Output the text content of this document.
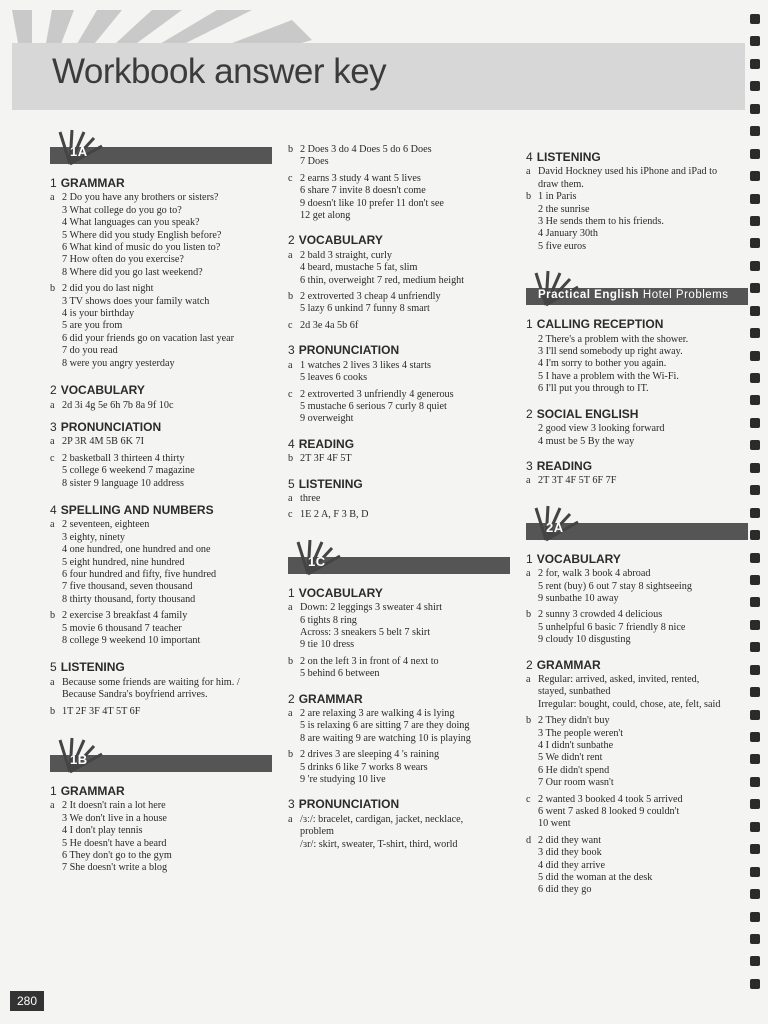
Workbook answer key
1A
1 GRAMMAR
a 2 Do you have any brothers or sisters?
3 What college do you go to?
4 What languages can you speak?
5 Where did you study English before?
6 What kind of music do you listen to?
7 How often do you exercise?
8 Where did you go last weekend?
b 2 did you do last night
3 TV shows does your family watch
4 is your birthday
5 are you from
6 did your friends go on vacation last year
7 do you read
8 were you angry yesterday
2 VOCABULARY
a 2d 3i 4g 5e 6h 7b 8a 9f 10c
3 PRONUNCIATION
a 2P 3R 4M 5B 6K 7I
c 2 basketball 3 thirteen 4 thirty
5 college 6 weekend 7 magazine
8 sister 9 language 10 address
4 SPELLING AND NUMBERS
a 2 seventeen, eighteen
3 eighty, ninety
4 one hundred, one hundred and one
5 eight hundred, nine hundred
6 four hundred and fifty, five hundred
7 five thousand, seven thousand
8 thirty thousand, forty thousand
b 2 exercise 3 breakfast 4 family
5 movie 6 thousand 7 teacher
8 college 9 weekend 10 important
5 LISTENING
a Because some friends are waiting for him. /
Because Sandra's boyfriend arrives.
b 1T 2F 3F 4T 5T 6F
1B
1 GRAMMAR
a 2 It doesn't rain a lot here
3 We don't live in a house
4 I don't play tennis
5 He doesn't have a beard
6 They don't go to the gym
7 She doesn't write a blog
b 2 Does 3 do 4 Does 5 do 6 Does
7 Does
c 2 earns 3 study 4 want 5 lives
6 share 7 invite 8 doesn't come
9 doesn't like 10 prefer 11 don't see
12 get along
2 VOCABULARY
a 2 bald 3 straight, curly
4 beard, mustache 5 fat, slim
6 thin, overweight 7 red, medium height
b 2 extroverted 3 cheap 4 unfriendly
5 lazy 6 unkind 7 funny 8 smart
c 2d 3e 4a 5b 6f
3 PRONUNCIATION
a 1 watches 2 lives 3 likes 4 starts
5 leaves 6 cooks
c 2 extroverted 3 unfriendly 4 generous
5 mustache 6 serious 7 curly 8 quiet
9 overweight
4 READING
b 2T 3F 4F 5T
5 LISTENING
a three
c 1E 2 A, F 3 B, D
1C
1 VOCABULARY
a Down: 2 leggings 3 sweater 4 shirt
6 tights 8 ring
Across: 3 sneakers 5 belt 7 skirt
9 tie 10 dress
b 2 on the left 3 in front of 4 next to
5 behind 6 between
2 GRAMMAR
a 2 are relaxing 3 are walking 4 is lying
5 is relaxing 6 are sitting 7 are they doing
8 are waiting 9 are watching 10 is playing
b 2 drives 3 are sleeping 4 's raining
5 drinks 6 like 7 works 8 wears
9 're studying 10 live
3 PRONUNCIATION
a /ɜː/: bracelet, cardigan, jacket, necklace,
problem
/ɜr/: skirt, sweater, T-shirt, third, world
4 LISTENING
a David Hockney used his iPhone and iPad to
draw them.
b 1 in Paris
2 the sunrise
3 He sends them to his friends.
4 January 30th
5 five euros
Practical English Hotel Problems
1 CALLING RECEPTION
2 There's a problem with the shower.
3 I'll send somebody up right away.
4 I'm sorry to bother you again.
5 I have a problem with the Wi-Fi.
6 I'll put you through to IT.
2 SOCIAL ENGLISH
2 good view 3 looking forward
4 must be 5 By the way
3 READING
a 2T 3T 4F 5T 6F 7F
2A
1 VOCABULARY
a 2 for, walk 3 book 4 abroad
5 rent (buy) 6 out 7 stay 8 sightseeing
9 sunbathe 10 away
b 2 sunny 3 crowded 4 delicious
5 unhelpful 6 basic 7 friendly 8 nice
9 cloudy 10 disgusting
2 GRAMMAR
a Regular: arrived, asked, invited, rented,
stayed, sunbathed
Irregular: bought, could, chose, ate, felt, said
b 2 They didn't buy
3 The people weren't
4 I didn't sunbathe
5 We didn't rent
6 He didn't spend
7 Our room wasn't
c 2 wanted 3 booked 4 took 5 arrived
6 went 7 asked 8 looked 9 couldn't
10 went
d 2 did they want
3 did they book
4 did they arrive
5 did the woman at the desk
6 did they go
280
